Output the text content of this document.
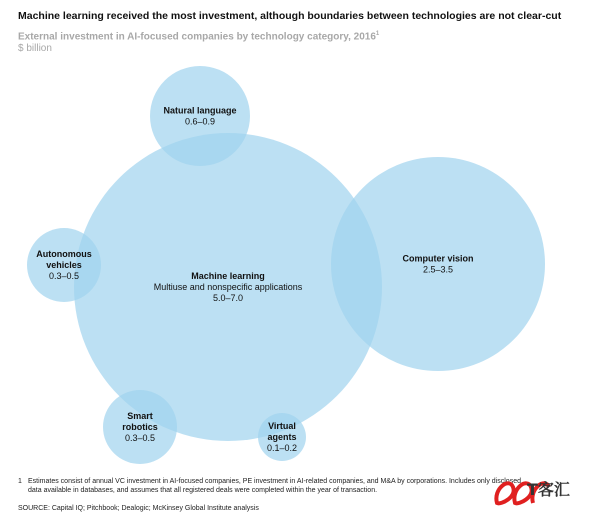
Machine learning received the most investment, although boundaries between technologies are not clear-cut
External investment in AI-focused companies by technology category, 2016$^1$
$ billion
Machine learning
Multiuse and nonspecific applications
5.0–7.0
Computer vision
2.5–3.5
Natural language
0.6–0.9
Autonomous
vehicles
0.3–0.5
Smart
robotics
0.3–0.5
Virtual
agents
0.1–0.2
1 Estimates consist of annual VC investment in AI-focused companies, PE investment in AI-related companies, and M&A by corporations. Includes only disclosed data available in databases, and assumes that all registered deals were completed within the year of transaction.
SOURCE: Capital IQ; Pitchbook; Dealogic; McKinsey Global Institute analysis
T客汇
